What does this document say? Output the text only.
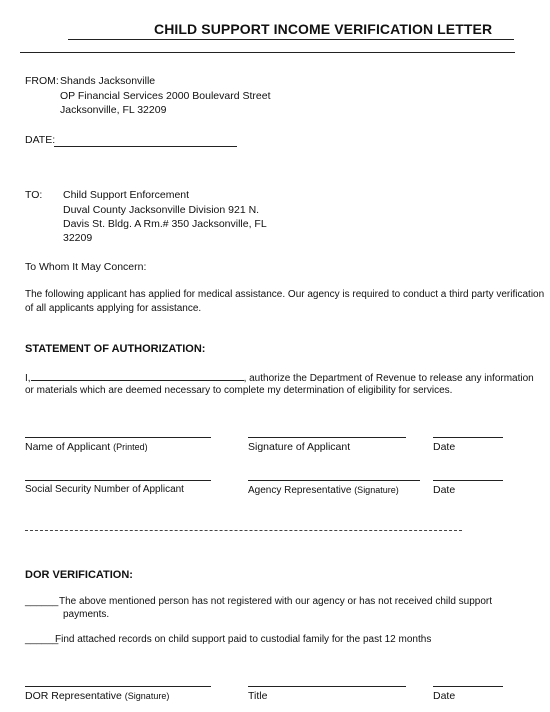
CHILD SUPPORT INCOME VERIFICATION LETTER
FROM: Shands Jacksonville
OP Financial Services 2000 Boulevard Street
Jacksonville, FL 32209
DATE:
TO: Child Support Enforcement
Duval County Jacksonville Division 921 N.
Davis St. Bldg. A Rm.# 350 Jacksonville, FL
32209
To Whom It May Concern:
The following applicant has applied for medical assistance. Our agency is required to conduct a third party verification
of all applicants applying for assistance.
STATEMENT OF AUTHORIZATION:
I,	, authorize the Department of Revenue to release any information
or materials which are deemed necessary to complete my determination of eligibility for services.
Name of Applicant (Printed)	Signature of Applicant	Date
Social Security Number of Applicant	Agency Representative (Signature)	Date
DOR VERIFICATION:
______ The above mentioned person has not registered with our agency or has not received child support
payments.
______
Find attached records on child support paid to custodial family for the past 12 months
DOR Representative (Signature)	Title	Date
